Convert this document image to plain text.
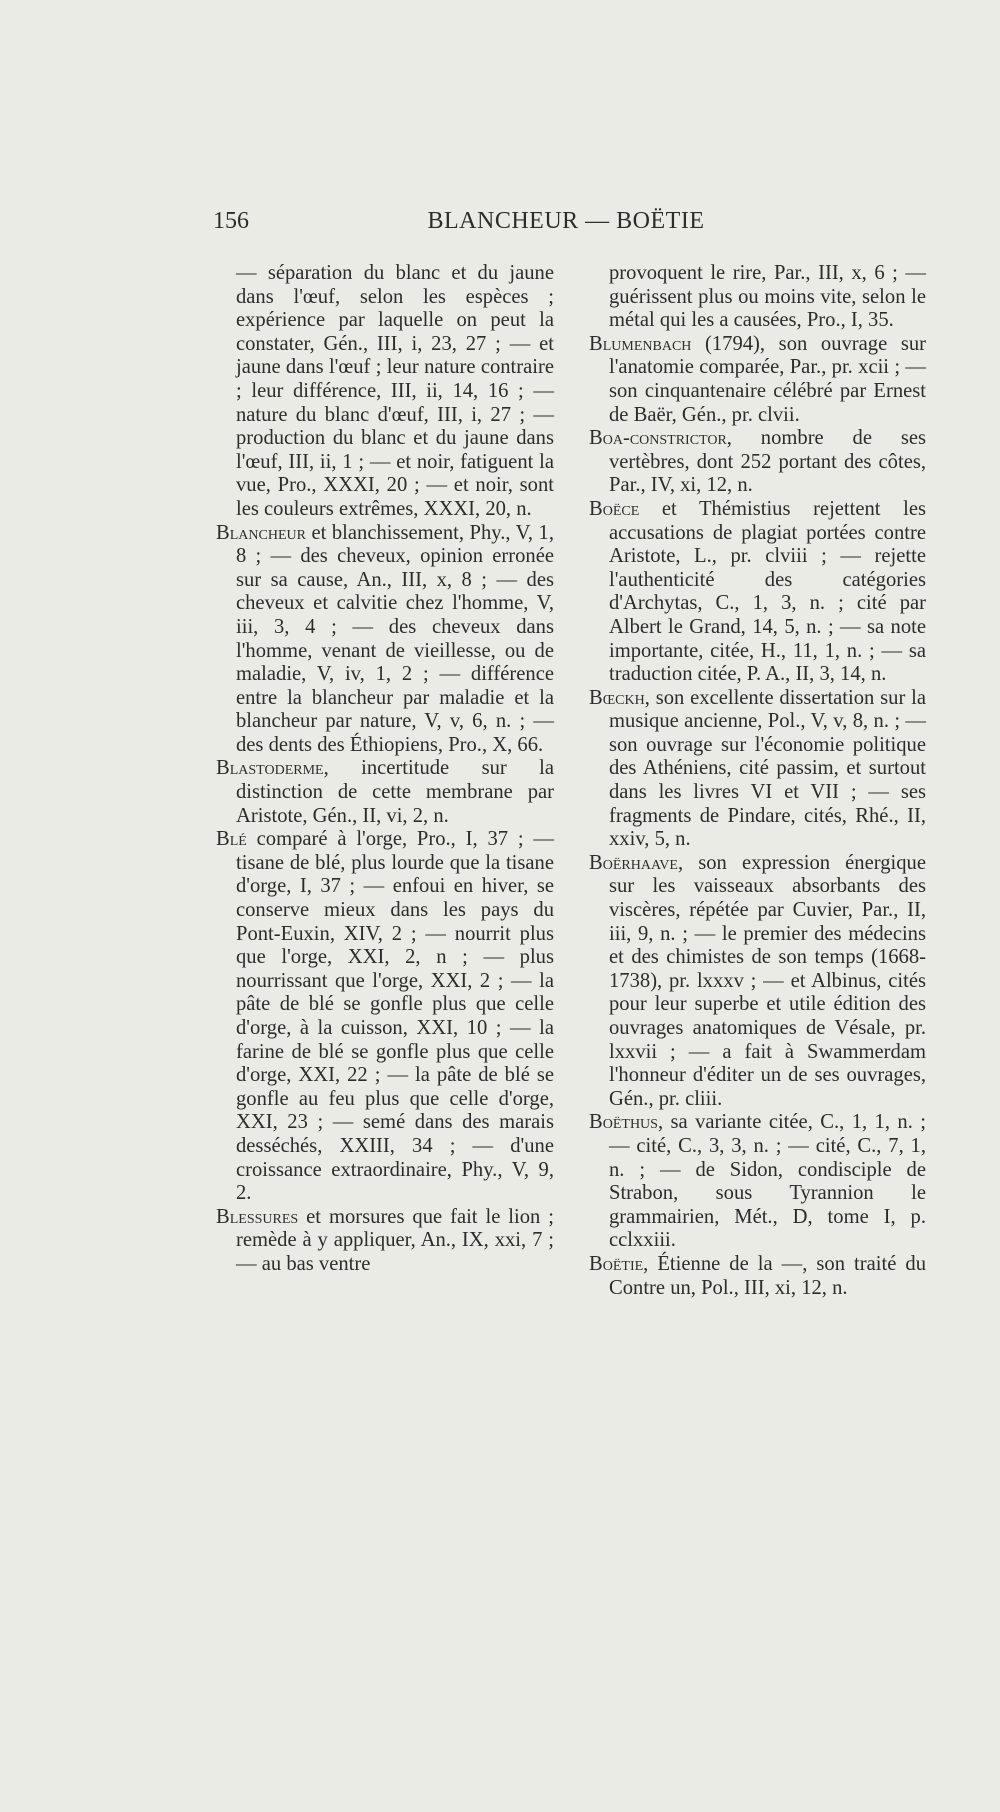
156	BLANCHEUR — BOËTIE

— séparation du blanc et du jaune dans l'œuf, selon les espèces ; expérience par laquelle on peut la constater, Gén., III, i, 23, 27 ; — et jaune dans l'œuf ; leur nature contraire ; leur différence, III, ii, 14, 16 ; — nature du blanc d'œuf, III, i, 27 ; — production du blanc et du jaune dans l'œuf, III, ii, 1 ; — et noir, fatiguent la vue, Pro., XXXI, 20 ; — et noir, sont les couleurs extrêmes, XXXI, 20, n.

Blancheur et blanchissement, Phy., V, 1, 8 ; — des cheveux, opinion erronée sur sa cause, An., III, x, 8 ; — des cheveux et calvitie chez l'homme, V, iii, 3, 4 ; — des cheveux dans l'homme, venant de vieillesse, ou de maladie, V, iv, 1, 2 ; — différence entre la blancheur par maladie et la blancheur par nature, V, v, 6, n. ; — des dents des Éthiopiens, Pro., X, 66.

Blastoderme, incertitude sur la distinction de cette membrane par Aristote, Gén., II, vi, 2, n.

Blé comparé à l'orge, Pro., I, 37 ; — tisane de blé, plus lourde que la tisane d'orge, I, 37 ; — enfoui en hiver, se conserve mieux dans les pays du Pont-Euxin, XIV, 2 ; — nourrit plus que l'orge, XXI, 2, n ; — plus nourrissant que l'orge, XXI, 2 ; — la pâte de blé se gonfle plus que celle d'orge, à la cuisson, XXI, 10 ; — la farine de blé se gonfle plus que celle d'orge, XXI, 22 ; — la pâte de blé se gonfle au feu plus que celle d'orge, XXI, 23 ; — semé dans des marais desséchés, XXIII, 34 ; — d'une croissance extraordinaire, Phy., V, 9, 2.

Blessures et morsures que fait le lion ; remède à y appliquer, An., IX, xxi, 7 ; — au bas ventre

provoquent le rire, Par., III, x, 6 ; — guérissent plus ou moins vite, selon le métal qui les a causées, Pro., I, 35.

Blumenbach (1794), son ouvrage sur l'anatomie comparée, Par., pr. xcii ; — son cinquantenaire célébré par Ernest de Baër, Gén., pr. clvii.

Boa-constrictor, nombre de ses vertèbres, dont 252 portant des côtes, Par., IV, xi, 12, n.

Boëce et Thémistius rejettent les accusations de plagiat portées contre Aristote, L., pr. clviii ; — rejette l'authenticité des catégories d'Archytas, C., 1, 3, n. ; cité par Albert le Grand, 14, 5, n. ; — sa note importante, citée, H., 11, 1, n. ; — sa traduction citée, P. A., II, 3, 14, n.

Bœckh, son excellente dissertation sur la musique ancienne, Pol., V, v, 8, n. ; — son ouvrage sur l'économie politique des Athéniens, cité passim, et surtout dans les livres VI et VII ; — ses fragments de Pindare, cités, Rhé., II, xxiv, 5, n.

Boërhaave, son expression énergique sur les vaisseaux absorbants des viscères, répétée par Cuvier, Par., II, iii, 9, n. ; — le premier des médecins et des chimistes de son temps (1668-1738), pr. lxxxv ; — et Albinus, cités pour leur superbe et utile édition des ouvrages anatomiques de Vésale, pr. lxxvii ; — a fait à Swammerdam l'honneur d'éditer un de ses ouvrages, Gén., pr. cliii.

Boëthus, sa variante citée, C., 1, 1, n. ; — cité, C., 3, 3, n. ; — cité, C., 7, 1, n. ; — de Sidon, condisciple de Strabon, sous Tyrannion le grammairien, Mét., D, tome I, p. cclxxiii.

Boëtie, Étienne de la —, son traité du Contre un, Pol., III, xi, 12, n.
